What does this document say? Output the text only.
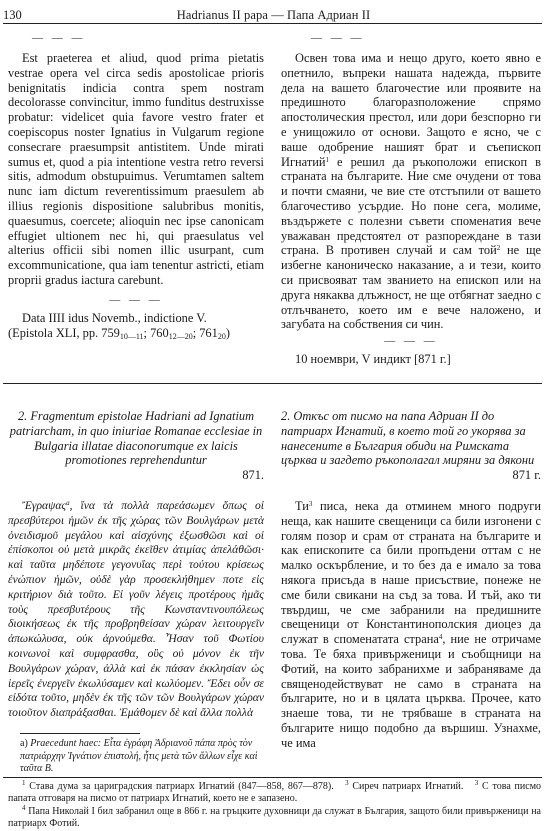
130	Hadrianus II papa — Папа Адриан II
— — —

Est praeterea et aliud, quod prima pietatis vestrae opera vel circa sedis apostolicae prioris benignitatis indicia contra spem nostram decolorasse convincitur, immo funditus destruxisse probatur: videlicet quia favore vestro frater et coepiscopus noster Ignatius in Vulgarum regione consecrare praesumpsit antistitem. Unde mirati sumus et, quod a pia intentione vestra retro reversi sitis, admodum obstupuimus. Verumtamen saltem nunc iam dictum reverentissimum praesulem ab illius regionis dispositione salubribus monitis, quaesumus, coercete; alioquin nec ipse canonicam effugiet ultionem nec hi, qui praesulatus vel alterius officii sibi nomen illic usurpant, cum excommunicatione, qua iam tenentur astricti, etiam proprii gradus iactura carebunt.

— — —

Data IIII idus Novemb., indictione V.

(Epistola XLI, pp. $759_{10—11}$; $760_{12—20}$; $761_{20}$)

— — —

Освен това има и нещо друго, което явно е опетнило, въпреки нашата надежда, първите дела на вашето благочестие или проявите на предишното благоразположение спрямо апостолическия престол, или дори безспорно ги е унищожило от основи. Защото е ясно, че с ваше одобрение нашият брат и съепископ Игнатий$^1$ е решил да ръкоположи епископ в страната на българите. Ние сме очудени от това и почти смаяни, че вие сте отстъпили от вашето благочестиво усърдие. Но поне сега, молиме, въздържете с полезни съвети споменатия вече уважаван предстоятел от разпореждане в тази страна. В противен случай и сам той$^2$ не ще избегне каноническо наказание, а и тези, които си присвояват там званието на епископ или на друга някаква длъжност, не ще отбягнат заедно с отлъчването, което им е вече наложено, и загубата на собствения си чин.

— — —

10 ноември, V индикт [871 г.]

2. Fragmentum epistolae Hadriani ad Ignatium patriarcham, in quo iniuriae Romanae ecclesiae in Bulgaria illatae diaconorumque ex laicis promotiones reprehenduntur

871.

Ἔγραψας$^a$, ἵνα τὰ πολλὰ παρεάσωμεν ὅπως οἱ πρεσβύτεροι ἡμῶν ἐκ τῆς χώρας τῶν Βουλγάρων μετὰ ὀνειδισμοῦ μεγάλου καὶ αἰσχύνης ἐξωσθῶσι καὶ οἱ ἐπίσκοποι οὐ μετὰ μικρᾶς ἐκεῖθεν ἀτιμίας ἀπελάθῶσι· καὶ ταῦτα μηδέποτε γεγονυΐας περὶ τούτου κρίσεως ἐνώπιον ἡμῶν, οὐδὲ γὰρ προσεκλήθημεν ποτε εἰς κριτήριον διὰ τοῦτο. Εἰ γοῦν λέγεις προτέρους ἡμᾶς τοὺς πρεσβυτέρους τῆς Κωνσταντινουπόλεως διοικήσεως ἐκ τῆς προβρηθείσαν χώραν λειτουργεῖν ἀπωκώλυσα, οὐκ ἀρνούμεθα. Ἦσαν τοῦ Φωτίου κοινωνοὶ καὶ συμφρασθα, οὓς οὐ μόνον ἐκ τῆν Βουλγάρων χώραν, ἀλλὰ καὶ ἐκ πάσαν ἐκκλησίαν ὡς ἱερεῖς ἐνεργεῖν ἐκωλύσαμεν καὶ κωλύομεν. Ἔδει οὖν σε εἰδότα τοῦτο, μηδὲν ἐκ τῆς τῶν τῶν Βουλγάρων χώραν τοιοῦτον διαπράξασθαι. Ἐμάθομεν δὲ καὶ ἄλλα πολλὰ

a) Praecedunt haec: Εἶτα ἐγράφη Ἁδριανοῦ πάπα πρὸς τὸν πατριάρχην Ἰγνάτιον ἐπιστολή, ἧτις μετὰ τῶν ἄλλων εἶχε καὶ ταῦτα Β.

2. Откъс от писмо на папа Адриан II до патриарх Игнатий, в което той го укорява за нанесените в България обиди на Римската църква и загдето ръкополагал миряни за дякони

871 г.

$Ти^3$ писа, нека да отминем много подруги неща, как нашите свещеници са били изгонени с голям позор и срам от страната на българите и как епископите са били пропъдени оттам с не малко оскърбление, и то без да е имало за това някога присъда в наше присъствие, понеже не сме били свикани на съд за това. И тъй, ако ти твърдиш, че сме забранили на предишните свещеници от Константинополския диоцез да служат в споменатата страна$^4$, ние не отричаме това. Те бяха привърженици и съобщници на Фотий, на които забранихме и забраняваме да священодействуват не само в страната на българите, но и в цялата църква. Прочее, като знаеше това, ти не трябваше в страната на българите нищо подобно да вършиш. Узнахме, че има

$^1$ Става дума за цариградския патриарх Игнатий (847—858, 867—878). $^3$ Сиреч патриарх Игнатий. $^3$ С това писмо папата отговаря на писмо от патриарх Игнатий, което не е запазено.

$^4$ Папа Николай I бил забранил още в 866 г. на гръцките духовници да служат в България, защото били привърженици на патриарх Фотий.
